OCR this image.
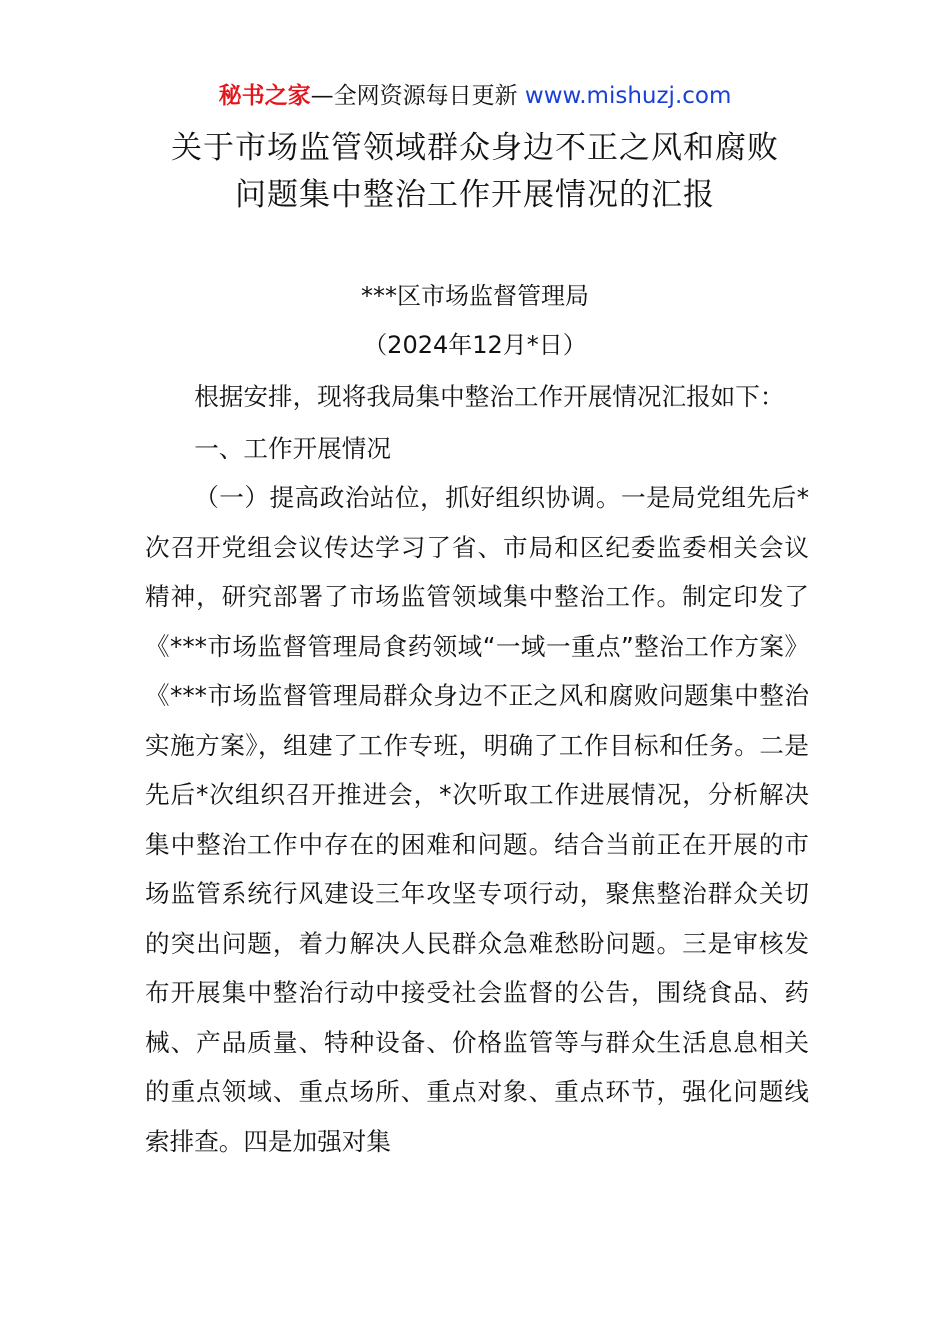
秘书之家—全网资源每日更新 www.mishuzj.com
关于市场监管领域群众身边不正之风和腐败
问题集中整治工作开展情况的汇报
***区市场监督管理局
（2024年12月*日）

根据安排，现将我局集中整治工作开展情况汇报如下：

一、工作开展情况

（一）提高政治站位，抓好组织协调。一是局党组先后*次召开党组会议传达学习了省、市局和区纪委监委相关会议精神，研究部署了市场监管领域集中整治工作。制定印发了《***市场监督管理局食药领域“一域一重点”整治工作方案》《***市场监督管理局群众身边不正之风和腐败问题集中整治实施方案》，组建了工作专班，明确了工作目标和任务。二是先后*次组织召开推进会，*次听取工作进展情况，分析解决集中整治工作中存在的困难和问题。结合当前正在开展的市场监管系统行风建设三年攻坚专项行动，聚焦整治群众关切的突出问题，着力解决人民群众急难愁盼问题。三是审核发布开展集中整治行动中接受社会监督的公告，围绕食品、药械、产品质量、特种设备、价格监管等与群众生活息息相关的重点领域、重点场所、重点对象、重点环节，强化问题线索排查。四是加强对集
